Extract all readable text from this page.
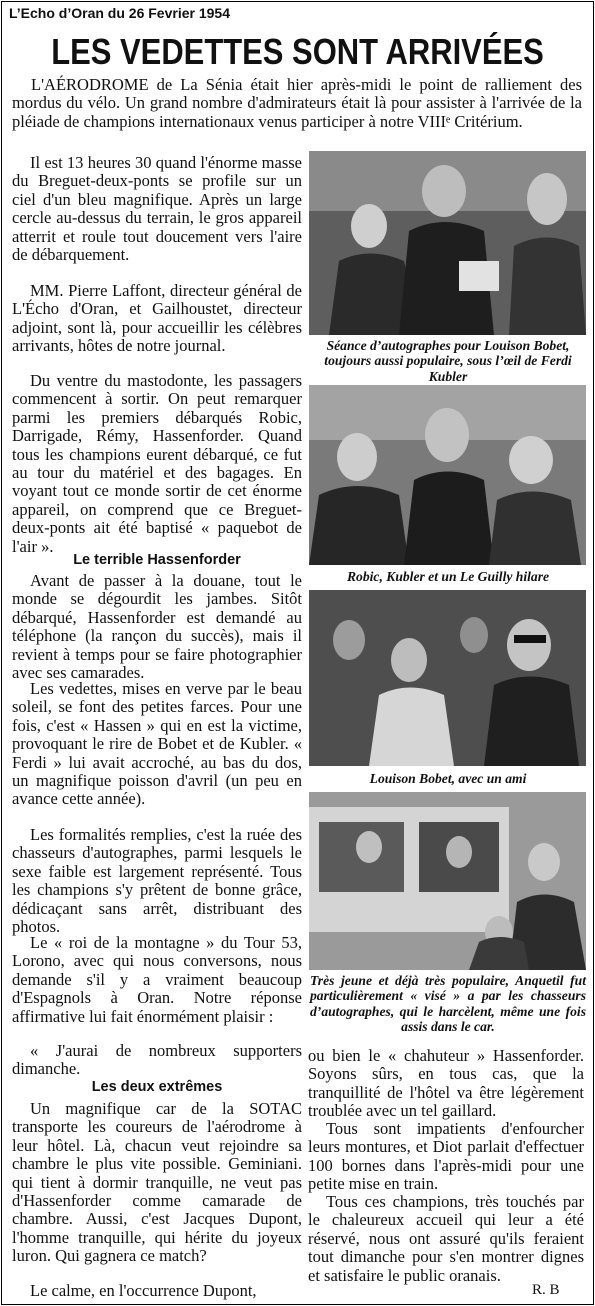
L’Echo d’Oran du 26 Fevrier 1954
LES VEDETTES SONT ARRIVÉES

L'AÉRODROME de La Sénia était hier après-midi le point de ralliement des mordus du vélo. Un grand nombre d'admirateurs était là pour assister à l'arrivée de la pléiade de champions internationaux venus participer à notre VIIIᵉ Critérium.

Il est 13 heures 30 quand l'énorme masse du Breguet-deux-ponts se profile sur un ciel d'un bleu magnifique. Après un large cercle au-dessus du terrain, le gros appareil atterrit et roule tout doucement vers l'aire de débarquement.

MM. Pierre Laffont, directeur général de L'Écho d'Oran, et Gailhoustet, directeur adjoint, sont là, pour accueillir les célèbres arrivants, hôtes de notre journal.

Du ventre du mastodonte, les passagers commencent à sortir. On peut remarquer parmi les premiers débarqués Robic, Darrigade, Rémy, Hassenforder. Quand tous les champions eurent débarqué, ce fut au tour du matériel et des bagages. En voyant tout ce monde sortir de cet énorme appareil, on comprend que ce Breguet-deux-ponts ait été baptisé « paquebot de l'air ».

Le terrible Hassenforder

Avant de passer à la douane, tout le monde se dégourdit les jambes. Sitôt débarqué, Hassenforder est demandé au téléphone (la rançon du succès), mais il revient à temps pour se faire photographier avec ses camarades.

Les vedettes, mises en verve par le beau soleil, se font des petites farces. Pour une fois, c'est « Hassen » qui en est la victime, provoquant le rire de Bobet et de Kubler. « Ferdi » lui avait accroché, au bas du dos, un magnifique poisson d'avril (un peu en avance cette année).

Les formalités remplies, c'est la ruée des chasseurs d'autographes, parmi lesquels le sexe faible est largement représenté. Tous les champions s'y prêtent de bonne grâce, dédicaçant sans arrêt, distribuant des photos.

Le « roi de la montagne » du Tour 53, Lorono, avec qui nous conversons, nous demande s'il y a vraiment beaucoup d'Espagnols à Oran. Notre réponse affirmative lui fait énormément plaisir :

« J'aurai de nombreux supporters dimanche.

Les deux extrêmes

Un magnifique car de la SOTAC transporte les coureurs de l'aérodrome à leur hôtel. Là, chacun veut rejoindre sa chambre le plus vite possible. Geminiani. qui tient à dormir tranquille, ne veut pas d'Hassenforder comme camarade de chambre. Aussi, c'est Jacques Dupont, l'homme tranquille, qui hérite du joyeux luron. Qui gagnera ce match?

Le calme, en l'occurrence Dupont,

ou bien le « chahuteur » Hassenforder. Soyons sûrs, en tous cas, que la tranquillité de l'hôtel va être légèrement troublée avec un tel gaillard.

Tous sont impatients d'enfourcher leurs montures, et Diot parlait d'effectuer 100 bornes dans l'après-midi pour une petite mise en train.

Tous ces champions, très touchés par le chaleureux accueil qui leur a été réservé, nous ont assuré qu'ils feraient tout dimanche pour s'en montrer dignes et satisfaire le public oranais.

Séance d’autographes pour Louison Bobet, toujours aussi populaire, sous l’œil de Ferdi Kubler
Robic, Kubler et un Le Guilly hilare
Louison Bobet, avec un ami
Très jeune et déjà très populaire, Anquetil fut particulièrement « visé » a par les chasseurs d’autographes, qui le harcèlent, même une fois assis dans le car.
R. B
